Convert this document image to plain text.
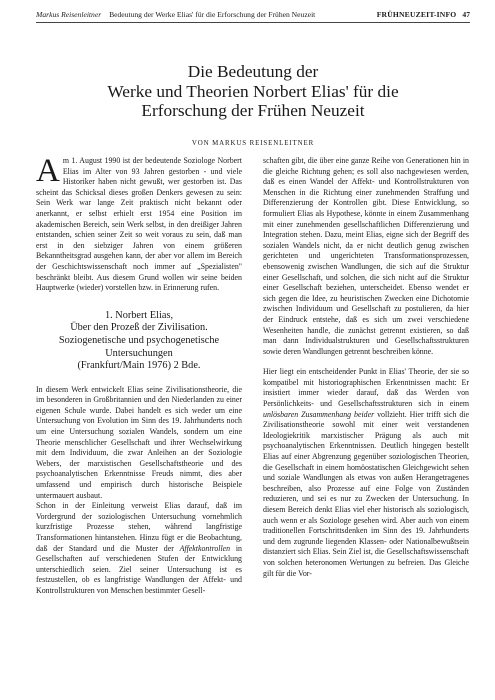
Markus Reisenleitner Bedeutung der Werke Elias' für die Erforschung der Frühen Neuzeit	FRÜHNEUZEIT-INFO 47
Die Bedeutung der
Werke und Theorien Norbert Elias' für die
Erforschung der Frühen Neuzeit
VON MARKUS REISENLEITNER

Am 1. August 1990 ist der bedeutende Soziologe Norbert Elias im Alter von 93 Jahren gestorben - und viele Historiker haben nicht gewußt, wer gestorben ist. Das scheint das Schicksal dieses großen Denkers gewesen zu sein: Sein Werk war lange Zeit praktisch nicht bekannt oder anerkannt, er selbst erhielt erst 1954 eine Position im akademischen Bereich, sein Werk selbst, in den dreißiger Jahren entstanden, schien seiner Zeit so weit voraus zu sein, daß man erst in den siebziger Jahren von einem größeren Bekanntheitsgrad ausgehen kann, der aber vor allem im Bereich der Geschichtswissenschaft noch immer auf „Spezialisten" beschränkt bleibt. Aus diesem Grund wollen wir seine beiden Hauptwerke (wieder) vorstellen bzw. in Erinnerung rufen.

1. Norbert Elias,
Über den Prozeß der Zivilisation.
Soziogenetische und psychogenetische
Untersuchungen
(Frankfurt/Main 1976) 2 Bde.

In diesem Werk entwickelt Elias seine Zivilisationstheorie, die im besonderen in Großbritannien und den Niederlanden zu einer eigenen Schule wurde. Dabei handelt es sich weder um eine Untersuchung von Evolution im Sinn des 19. Jahrhunderts noch um eine Untersuchung sozialen Wandels, sondern um eine Theorie menschlicher Gesellschaft und ihrer Wechselwirkung mit dem Individuum, die zwar Anleihen an der Soziologie Webers, der marxistischen Gesellschaftstheorie und des psychoanalytischen Erkenntnisse Freuds nimmt, dies aber umfassend und empirisch durch historische Beispiele untermauert ausbaut.

Schon in der Einleitung verweist Elias darauf, daß im Vordergrund der soziologischen Untersuchung vornehmlich kurzfristige Prozesse stehen, während langfristige Transformationen hintanstehen. Hinzu fügt er die Beobachtung, daß der Standard und die Muster der Affektkontrollen in Gesellschaften auf verschiedenen Stufen der Entwicklung unterschiedlich seien. Ziel seiner Untersuchung ist es festzustellen, ob es langfristige Wandlungen der Affekt- und Kontrollstrukturen von Menschen bestimmter Gesell-

schaften gibt, die über eine ganze Reihe von Generationen hin in die gleiche Richtung gehen; es soll also nachgewiesen werden, daß es einen Wandel der Affekt- und Kontrollstrukturen von Menschen in die Richtung einer zunehmenden Straffung und Differenzierung der Kontrollen gibt. Diese Entwicklung, so formuliert Elias als Hypothese, könnte in einem Zusammenhang mit einer zunehmenden gesellschaftlichen Differenzierung und Integration stehen. Dazu, meint Elias, eigne sich der Begriff des sozialen Wandels nicht, da er nicht deutlich genug zwischen gerichteten und ungerichteten Transformationsprozessen, ebensowenig zwischen Wandlungen, die sich auf die Struktur einer Gesellschaft, und solchen, die sich nicht auf die Struktur einer Gesellschaft beziehen, unterscheidet. Ebenso wendet er sich gegen die Idee, zu heuristischen Zwecken eine Dichotomie zwischen Individuum und Gesellschaft zu postulieren, da hier der Eindruck entstehe, daß es sich um zwei verschiedene Wesenheiten handle, die zunächst getrennt existieren, so daß man dann Individualstrukturen und Gesellschaftsstrukturen sowie deren Wandlungen getrennt beschreiben könne.

Hier liegt ein entscheidender Punkt in Elias' Theorie, der sie so kompatibel mit historiographischen Erkenntnissen macht: Er insistiert immer wieder darauf, daß das Werden von Persönlichkeits- und Gesellschaftsstrukturen sich in einem unlösbaren Zusammenhang beider vollzieht. Hier trifft sich die Zivilisationstheorie sowohl mit einer weit verstandenen Ideologiekritik marxistischer Prägung als auch mit psychoanalytischen Erkenntnissen. Deutlich hingegen bestellt Elias auf einer Abgrenzung gegenüber soziologischen Theorien, die Gesellschaft in einem homöostatischen Gleichgewicht sehen und soziale Wandlungen als etwas von außen Herangetragenes beschreiben, also Prozesse auf eine Folge von Zuständen reduzieren, und sei es nur zu Zwecken der Untersuchung. In diesem Bereich denkt Elias viel eher historisch als soziologisch, auch wenn er als Soziologe gesehen wird. Aber auch von einem traditionellen Fortschrittsdenken im Sinn des 19. Jahrhunderts und dem zugrunde liegenden Klassen- oder Nationalbewußtsein distanziert sich Elias. Sein Ziel ist, die Gesellschaftswissenschaft von solchen heteronomen Wertungen zu befreien. Das Gleiche gilt für die Vor-
